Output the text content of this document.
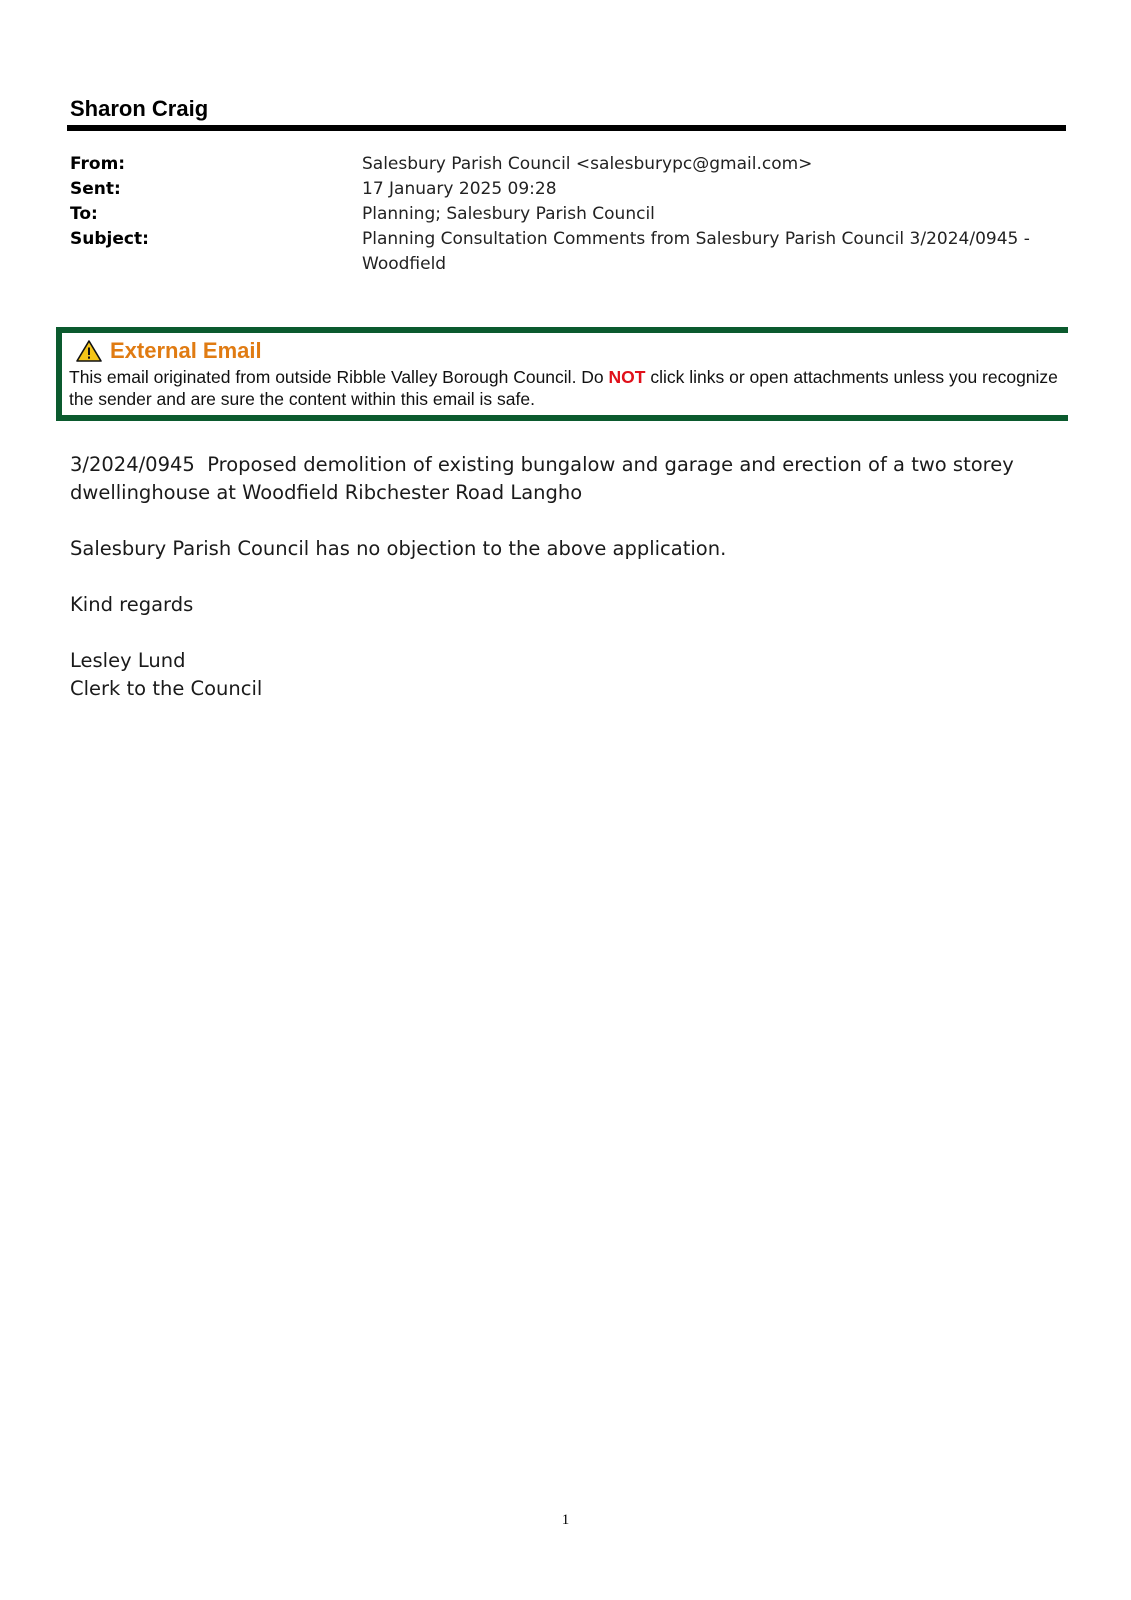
Sharon Craig
From:	Salesbury Parish Council <salesburypc@gmail.com>
Sent:	17 January 2025 09:28
To:	Planning; Salesbury Parish Council
Subject:	Planning Consultation Comments from Salesbury Parish Council 3/2024/0945 - Woodfield
External Email
This email originated from outside Ribble Valley Borough Council. Do NOT click links or open attachments unless you recognize the sender and are sure the content within this email is safe.

3/2024/0945 Proposed demolition of existing bungalow and garage and erection of a two storey dwellinghouse at Woodfield Ribchester Road Langho

Salesbury Parish Council has no objection to the above application.

Kind regards

Lesley Lund
Clerk to the Council

1
